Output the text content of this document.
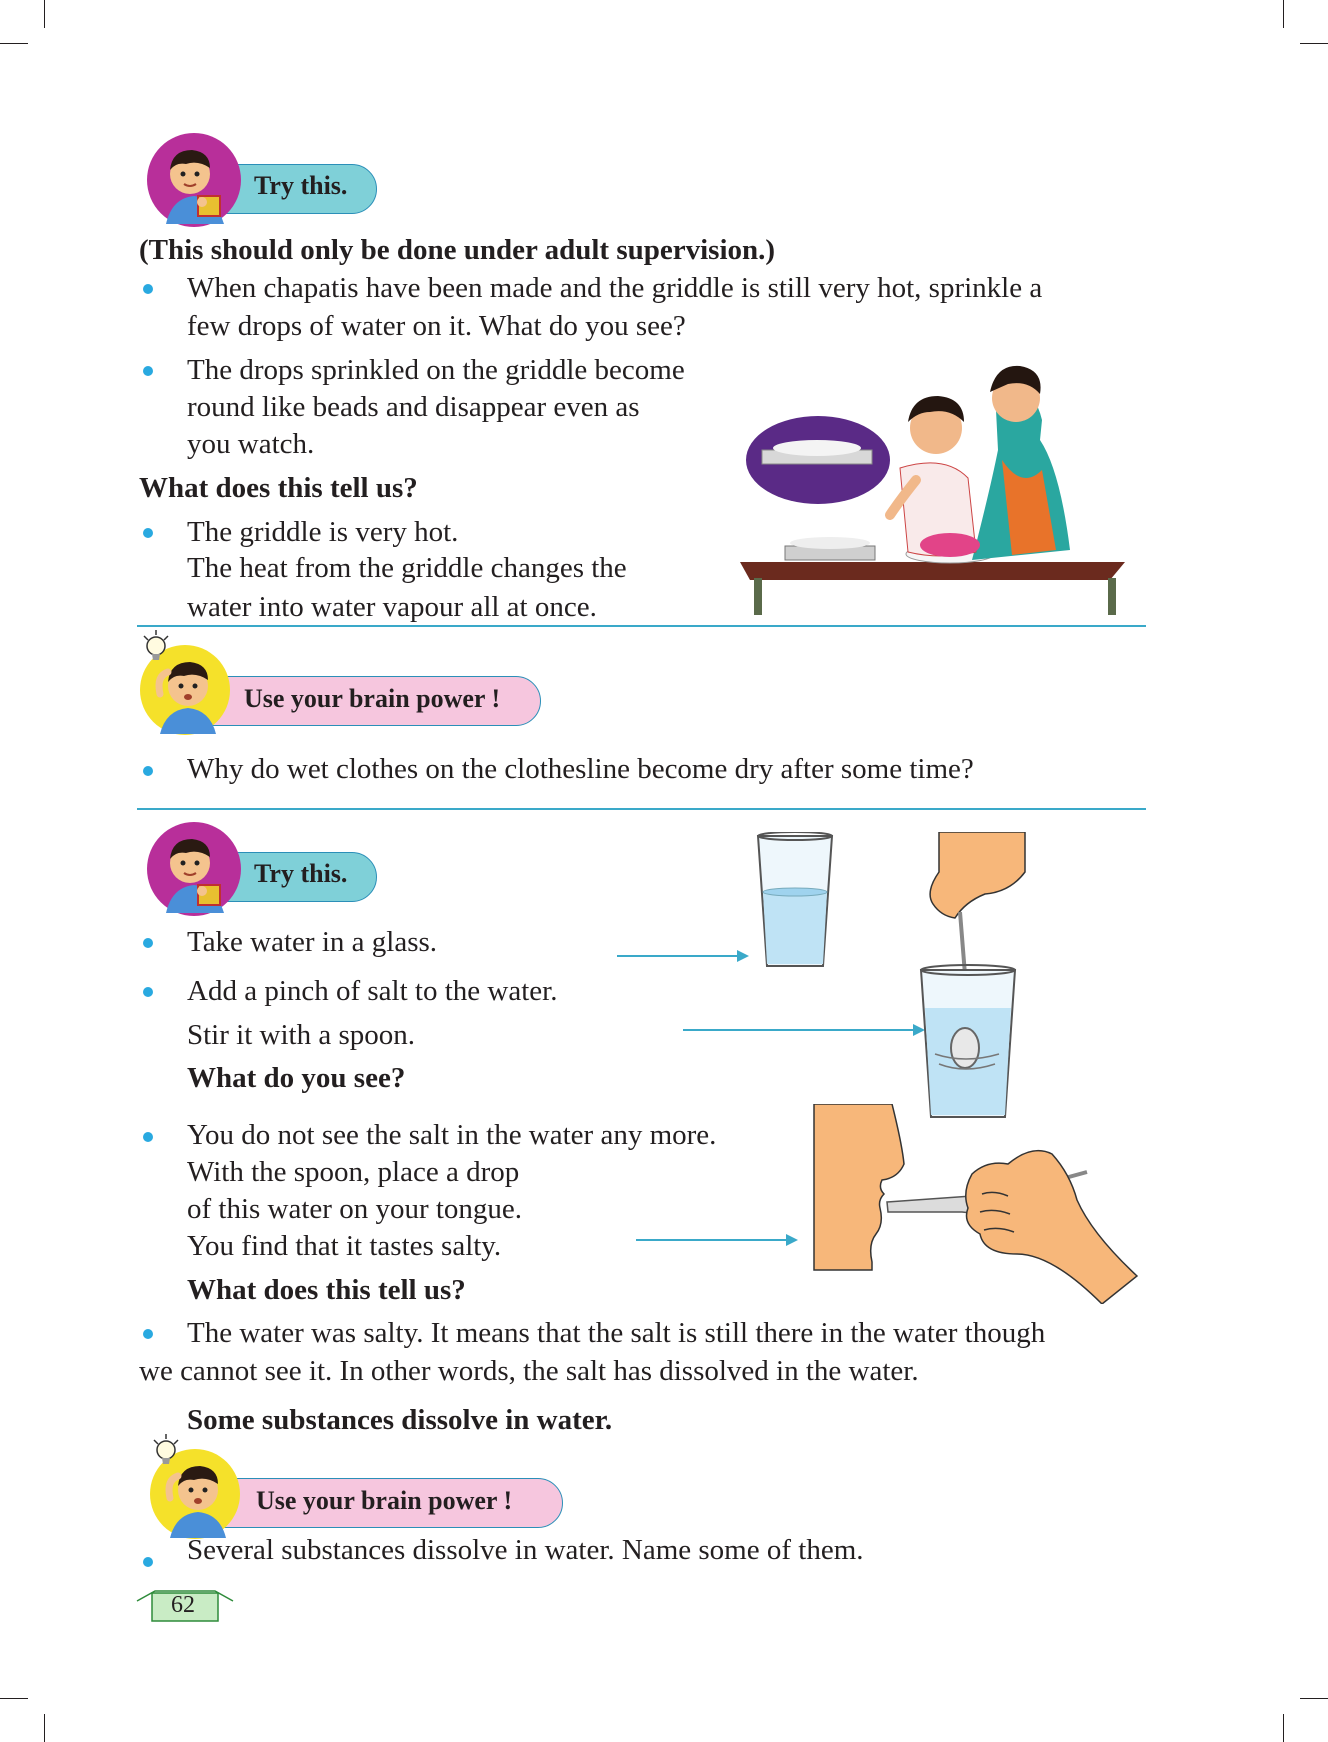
Try this.
(This should only be done under adult supervision.)
When chapatis have been made and the griddle is still very hot, sprinkle a
few drops of water on it. What do you see?
The drops sprinkled on the griddle become
round like beads and disappear even as
you watch.
What does this tell us?
The griddle is very hot.
The heat from the griddle changes the
water into water vapour all at once.
Use your brain power !
Why do wet clothes on the clothesline become dry after some time?
Try this.
Take water in a glass.
Add a pinch of salt to the water.
Stir it with a spoon.
What do you see?
You do not see the salt in the water any more.
With the spoon, place a drop
of this water on your tongue.
You find that it tastes salty.
What does this tell us?
The water was salty. It means that the salt is still there in the water though
we cannot see it. In other words, the salt has dissolved in the water.
Some substances dissolve in water.
Use your brain power !
Several substances dissolve in water. Name some of them.
62
